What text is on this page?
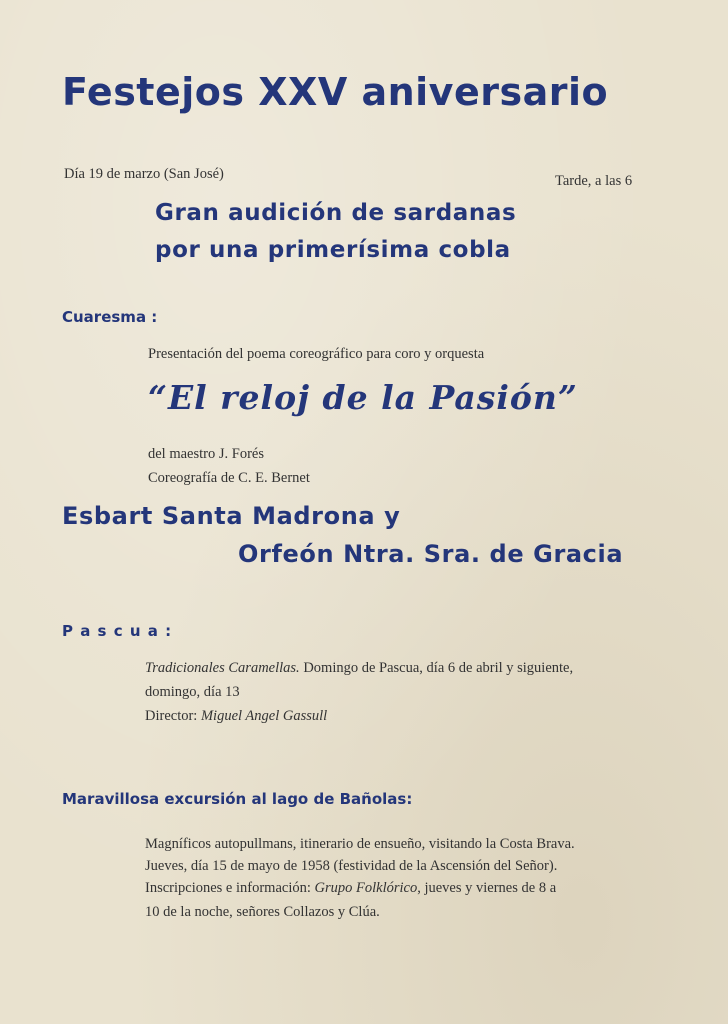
Festejos XXV aniversario
Día 19 de marzo (San José)	Tarde, a las 6
Gran audición de sardanas
por una primerísima cobla
Cuaresma :
Presentación del poema coreográfico para coro y orquesta
“El reloj de la Pasión”
del maestro J. Forés
Coreografía de C. E. Bernet
Esbart Santa Madrona y
Orfeón Ntra. Sra. de Gracia
P a s c u a :
Tradicionales Caramellas. Domingo de Pascua, día 6 de abril y siguiente,
domingo, día 13
Director: Miguel Angel Gassull
Maravillosa excursión al lago de Bañolas:
Magníficos autopullmans, itinerario de ensueño, visitando la Costa Brava.
Jueves, día 15 de mayo de 1958 (festividad de la Ascensión del Señor).
Inscripciones e información: Grupo Folklórico, jueves y viernes de 8 a
10 de la noche, señores Collazos y Clúa.
